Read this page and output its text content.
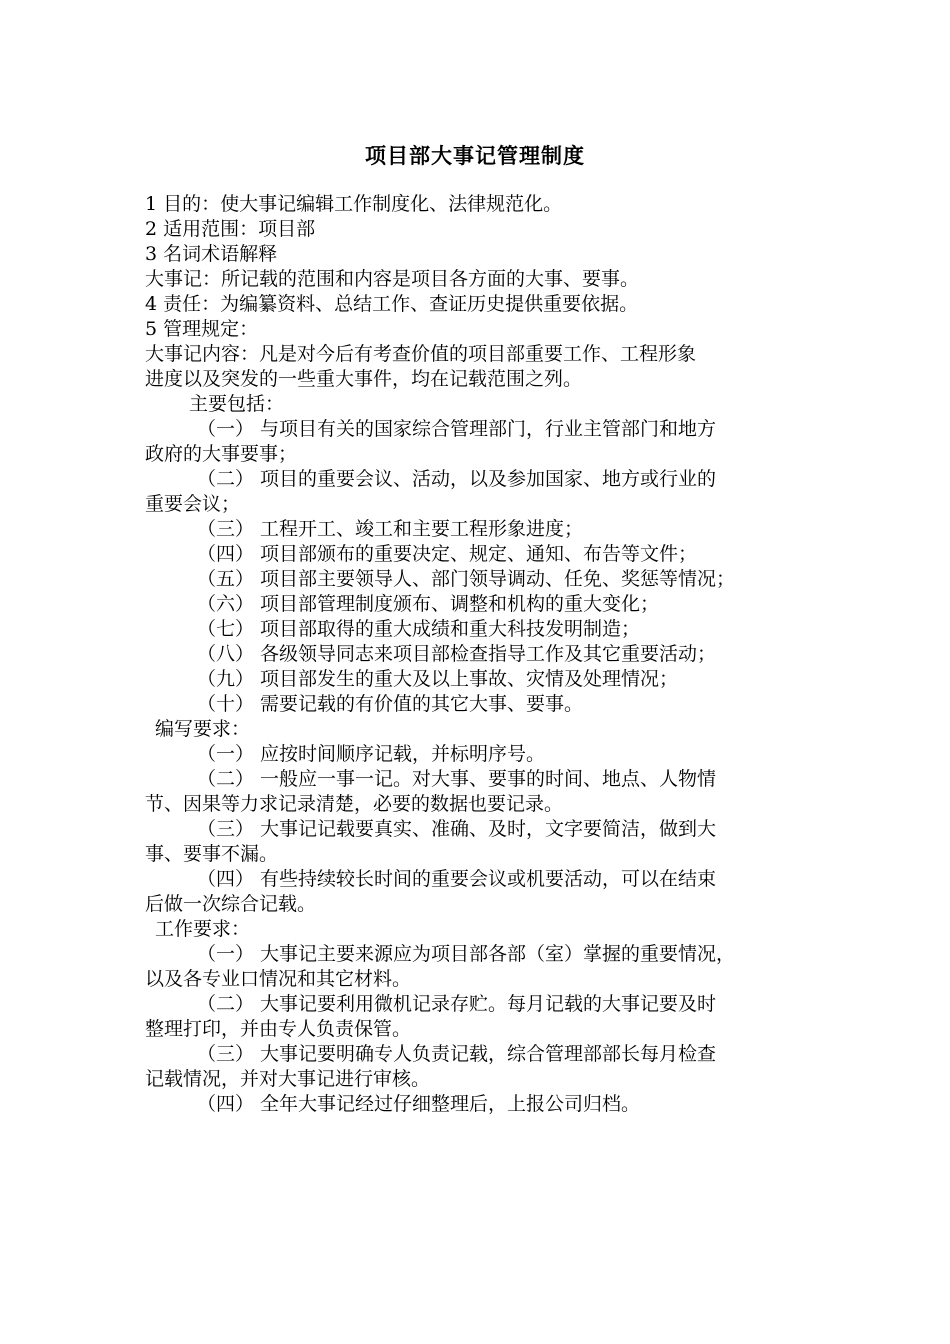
项目部大事记管理制度
1 目的：使大事记编辑工作制度化、法律规范化。
2 适用范围：项目部
3 名词术语解释
大事记：所记载的范围和内容是项目各方面的大事、要事。
4 责任：为编纂资料、总结工作、查证历史提供重要依据。
5 管理规定：
大事记内容：凡是对今后有考查价值的项目部重要工作、工程形象
进度以及突发的一些重大事件，均在记载范围之列。
主要包括：
（一） 与项目有关的国家综合管理部门，行业主管部门和地方
政府的大事要事；
（二） 项目的重要会议、活动，以及参加国家、地方或行业的
重要会议；
（三） 工程开工、竣工和主要工程形象进度；
（四） 项目部颁布的重要决定、规定、通知、布告等文件；
（五） 项目部主要领导人、部门领导调动、任免、奖惩等情况；
（六） 项目部管理制度颁布、调整和机构的重大变化；
（七） 项目部取得的重大成绩和重大科技发明制造；
（八） 各级领导同志来项目部检查指导工作及其它重要活动；
（九） 项目部发生的重大及以上事故、灾情及处理情况；
（十） 需要记载的有价值的其它大事、要事。
编写要求：
（一） 应按时间顺序记载，并标明序号。
（二） 一般应一事一记。对大事、要事的时间、地点、人物情
节、因果等力求记录清楚，必要的数据也要记录。
（三） 大事记记载要真实、准确、及时，文字要简洁，做到大
事、要事不漏。
（四） 有些持续较长时间的重要会议或机要活动，可以在结束
后做一次综合记载。
工作要求：
（一） 大事记主要来源应为项目部各部（室）掌握的重要情况，
以及各专业口情况和其它材料。
（二） 大事记要利用微机记录存贮。每月记载的大事记要及时
整理打印，并由专人负责保管。
（三） 大事记要明确专人负责记载，综合管理部部长每月检查
记载情况，并对大事记进行审核。
（四） 全年大事记经过仔细整理后，上报公司归档。
